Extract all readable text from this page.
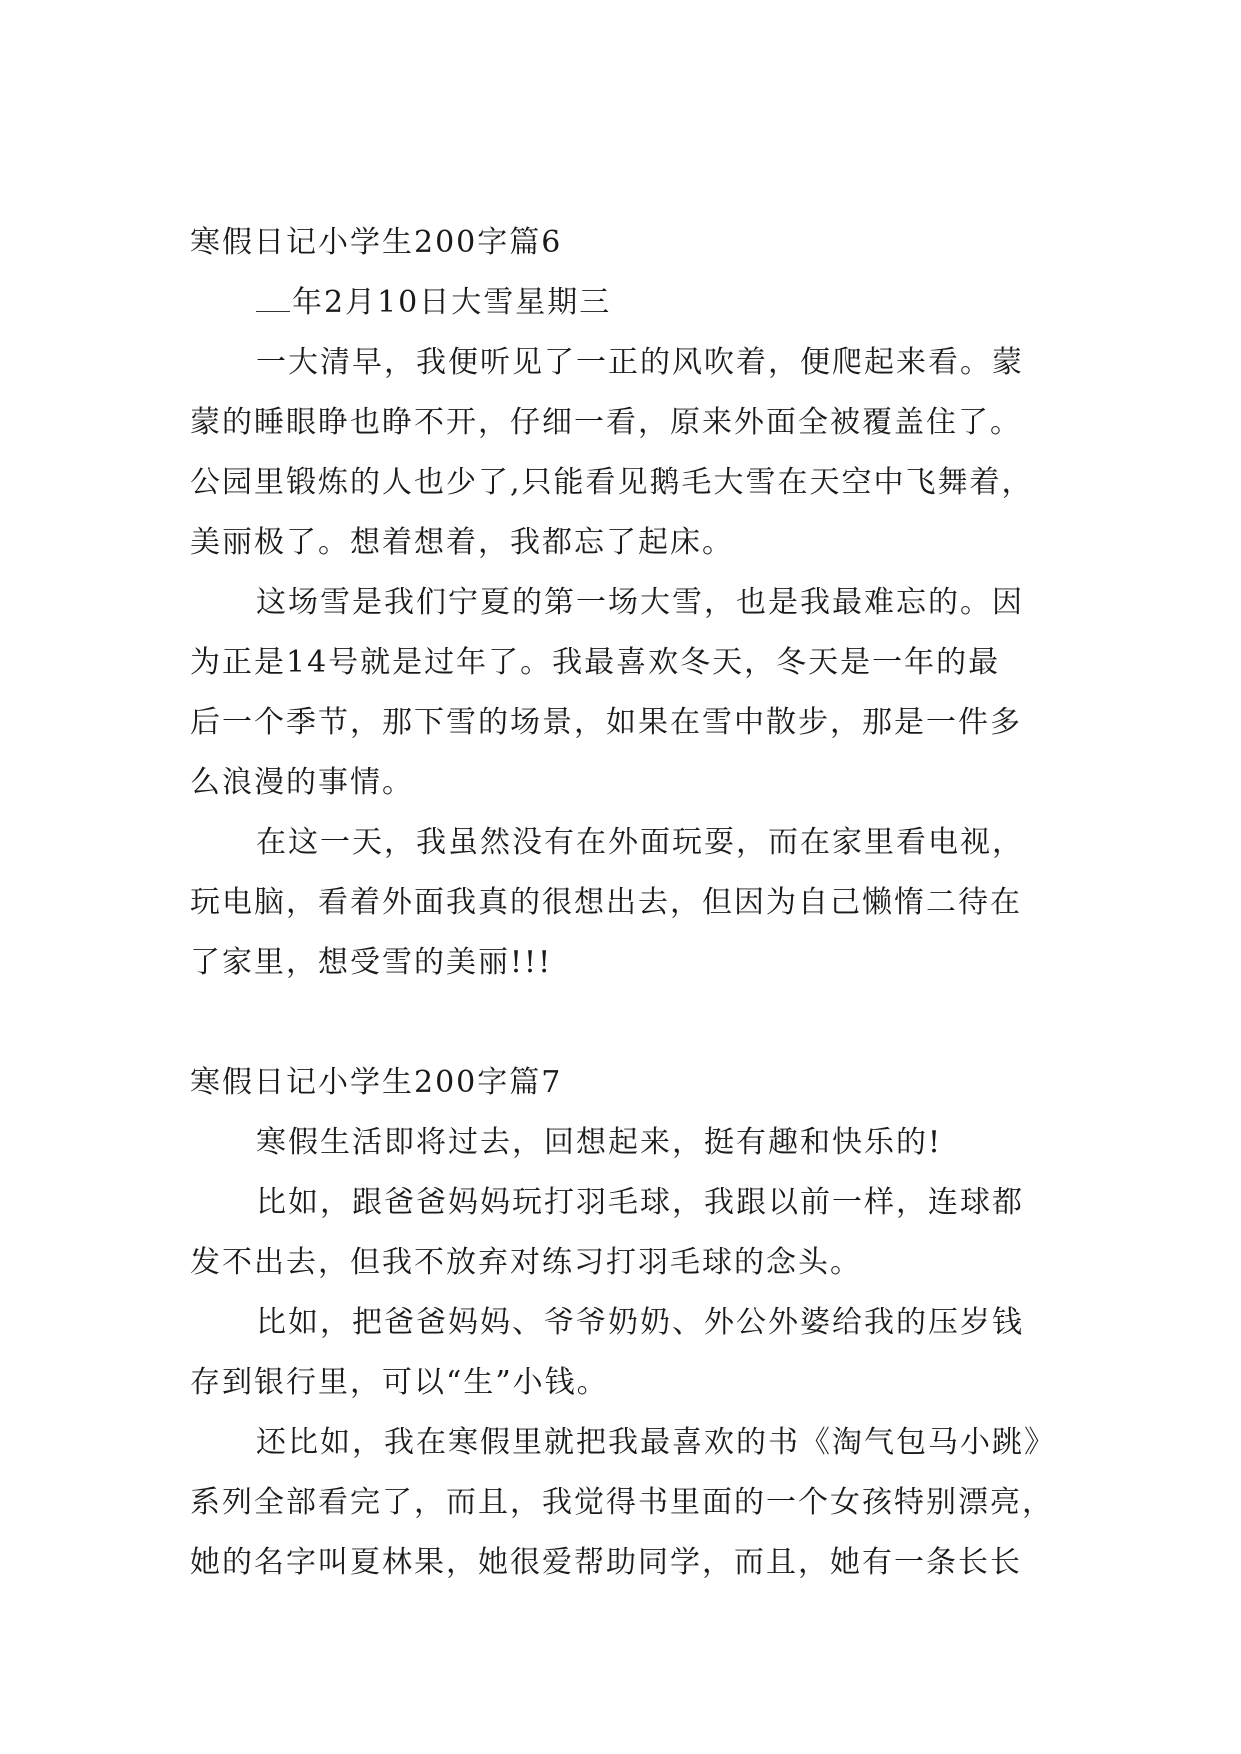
寒假日记小学生200字篇6
年2月10日大雪星期三
一大清早，我便听见了一正的风吹着，便爬起来看。蒙
蒙的睡眼睁也睁不开，仔细一看，原来外面全被覆盖住了。
公园里锻炼的人也少了,只能看见鹅毛大雪在天空中飞舞着，
美丽极了。想着想着，我都忘了起床。
这场雪是我们宁夏的第一场大雪，也是我最难忘的。因
为正是14号就是过年了。我最喜欢冬天，冬天是一年的最
后一个季节，那下雪的场景，如果在雪中散步，那是一件多
么浪漫的事情。
在这一天，我虽然没有在外面玩耍，而在家里看电视，
玩电脑，看着外面我真的很想出去，但因为自己懒惰二待在
了家里，想受雪的美丽!!!
寒假日记小学生200字篇7
寒假生活即将过去，回想起来，挺有趣和快乐的!
比如，跟爸爸妈妈玩打羽毛球，我跟以前一样，连球都
发不出去，但我不放弃对练习打羽毛球的念头。
比如，把爸爸妈妈、爷爷奶奶、外公外婆给我的压岁钱
存到银行里，可以“生”小钱。
还比如，我在寒假里就把我最喜欢的书《淘气包马小跳》
系列全部看完了，而且，我觉得书里面的一个女孩特别漂亮，
她的名字叫夏林果，她很爱帮助同学，而且，她有一条长长
